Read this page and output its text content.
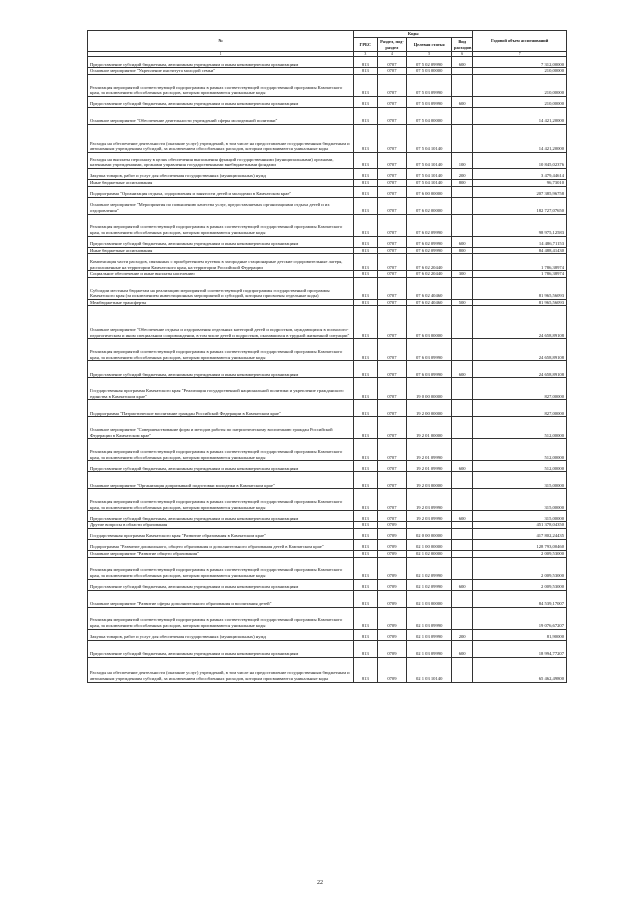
№	Коды				Годовой объем ассигнований
	ГРБС	Раздел, под-раздел	Целевая статья	Вид расходов	
1	3	4	5	6	7
Предоставление субсидий бюджетным, автономным учреждениям и иным некоммерческим организациям	813	0707	07 5 02 09990	600	7 312,00000
Основное мероприятие "Укрепление института молодой семьи"	813	0707	07 5 03 00000		210,00000
Реализация мероприятий соответствующей подпрограммы в рамках соответствующей государственной программы Камчатского края, за исключением обособленных расходов, которым присваиваются уникальные коды	813	0707	07 5 03 09990		210,00000
Предоставление субсидий бюджетным, автономным учреждениям и иным некоммерческим организациям	813	0707	07 5 03 09990	600	210,00000
Основное мероприятие "Обеспечение деятельности учреждений сферы молодежной политики"	813	0707	07 5 04 00000		14 421,20000
Расходы на обеспечение деятельности (оказание услуг) учреждений, в том числе на предоставление государственным бюджетным и автономным учреждениям субсидий, за исключением обособленных расходов, которым присваиваются уникальные коды	813	0707	07 5 04 10140		14 421,20000
Расходы на выплаты персоналу в целях обеспечения выполнения функций государственными (муниципальными) органами, казенными учреждениями, органами управления государственными внебюджетными фондами	813	0707	07 5 04 10140	100	10 845,02376
Закупка товаров, работ и услуг для обеспечения государственных (муниципальных) нужд	813	0707	07 5 04 10140	200	3 479,44614
Иные бюджетные ассигнования	813	0707	07 5 04 10140	800	96,73010
Подпрограмма "Организация отдыха, оздоровления и занятости детей и молодежи в Камчатском крае"	813	0707	07 6 00 00000		207 385,96758
Основное мероприятие "Мероприятия по повышению качества услуг, предоставляемых организациями отдыха детей и их оздоровления"	813	0707	07 6 02 00000		182 727,07650
Реализация мероприятий соответствующей подпрограммы в рамках соответствующей государственной программы Камчатского края, за исключением обособленных расходов, которым присваиваются уникальные коды	813	0707	07 6 02 09990		98 975,12583
Предоставление субсидий бюджетным, автономным учреждениям и иным некоммерческим организациям	813	0707	07 6 02 09990	600	14 486,71153
Иные бюджетные ассигнования	813	0707	07 6 02 09990	800	84 488,41430
Компенсация части расходов, связанных с приобретением путевок в загородные стационарные детские оздоровительные лагеря, расположенные на территории Камчатского края, на территории Российской Федерации	813	0707	07 6 02 20440		1 786,38974
Социальное обеспечение и иные выплаты населению	813	0707	07 6 02 20440	300	1 786,38974
Субсидии местным бюджетам на реализацию мероприятий соответствующей подпрограммы государственной программы Камчатского края (за исключением инвестиционных мероприятий и субсидий, которым присвоены отдельные коды)	813	0707	07 6 02 40460		81 965,56093
Межбюджетные трансферты	813	0707	07 6 02 40460	500	81 965,56093
Основное мероприятие "Обеспечение отдыха и оздоровления отдельных категорий детей и подростков, нуждающихся в психолого-педагогическом и ином специальном сопровождении, в том числе детей и подростков, оказавшихся в трудной жизненной ситуации"	813	0707	07 6 03 00000		24 658,89108
Реализация мероприятий соответствующей подпрограммы в рамках соответствующей государственной программы Камчатского края, за исключением обособленных расходов, которым присваиваются уникальные коды	813	0707	07 6 03 09990		24 658,89108
Предоставление субсидий бюджетным, автономным учреждениям и иным некоммерческим организациям	813	0707	07 6 03 09990	600	24 658,89108
Государственная программа Камчатского края "Реализация государственной национальной политики и укрепление гражданского единства в Камчатском крае"	813	0707	19 0 00 00000		827,00000
Подпрограмма "Патриотическое воспитание граждан Российской Федерации в Камчатском крае"	813	0707	19 2 00 00000		827,00000
Основное мероприятие "Совершенствование форм и методов работы по патриотическому воспитанию граждан Российской Федерации в Камчатском крае"	813	0707	19 2 01 00000		512,00000
Реализация мероприятий соответствующей подпрограммы в рамках соответствующей государственной программы Камчатского края, за исключением обособленных расходов, которым присваиваются уникальные коды	813	0707	19 2 01 09990		512,00000
Предоставление субсидий бюджетным, автономным учреждениям и иным некоммерческим организациям	813	0707	19 2 01 09990	600	512,00000
Основное мероприятие "Организация допризывной подготовки молодежи в Камчатском крае"	813	0707	19 2 03 00000		315,00000
Реализация мероприятий соответствующей подпрограммы в рамках соответствующей государственной программы Камчатского края, за исключением обособленных расходов, которым присваиваются уникальные коды	813	0707	19 2 03 09990		315,00000
Предоставление субсидий бюджетным, автономным учреждениям и иным некоммерческим организациям	813	0707	19 2 03 09990	600	315,00000
Другие вопросы в области образования	813	0709			451 378,04350
Государственная программа Камчатского края "Развитие образования в Камчатском крае"	813	0709	02 0 00 00000		417 802,24435
Подпрограмма "Развитие дошкольного, общего образования и дополнительного образования детей в Камчатском крае"	813	0709	02 1 00 00000		128 793,00460
Основное мероприятие "Развитие общего образования"	813	0709	02 1 02 00000		2 009,53000
Реализация мероприятий соответствующей подпрограммы в рамках соответствующей государственной программы Камчатского края, за исключением обособленных расходов, которым присваиваются уникальные коды	813	0709	02 1 02 09990		2 009,53000
Предоставление субсидий бюджетным, автономным учреждениям и иным некоммерческим организациям	813	0709	02 1 02 09990	600	2 009,53000
Основное мероприятие "Развитие сферы дополнительного образования и воспитания детей"	813	0709	02 1 03 00000		84 539,17007
Реализация мероприятий соответствующей подпрограммы в рамках соответствующей государственной программы Камчатского края, за исключением обособленных расходов, которым присваиваются уникальные коды	813	0709	02 1 03 09990		19 076,67207
Закупка товаров, работ и услуг для обеспечения государственных (муниципальных) нужд	813	0709	02 1 03 09990	200	81,90000
Предоставление субсидий бюджетным, автономным учреждениям и иным некоммерческим организациям	813	0709	02 1 03 09990	600	18 994,77207
Расходы на обеспечение деятельности (оказание услуг) учреждений, в том числе на предоставление государственным бюджетным и автономным учреждениям субсидий, за исключением обособленных расходов, которым присваиваются уникальные коды	813	0709	02 1 03 10140		65 462,49800
22
